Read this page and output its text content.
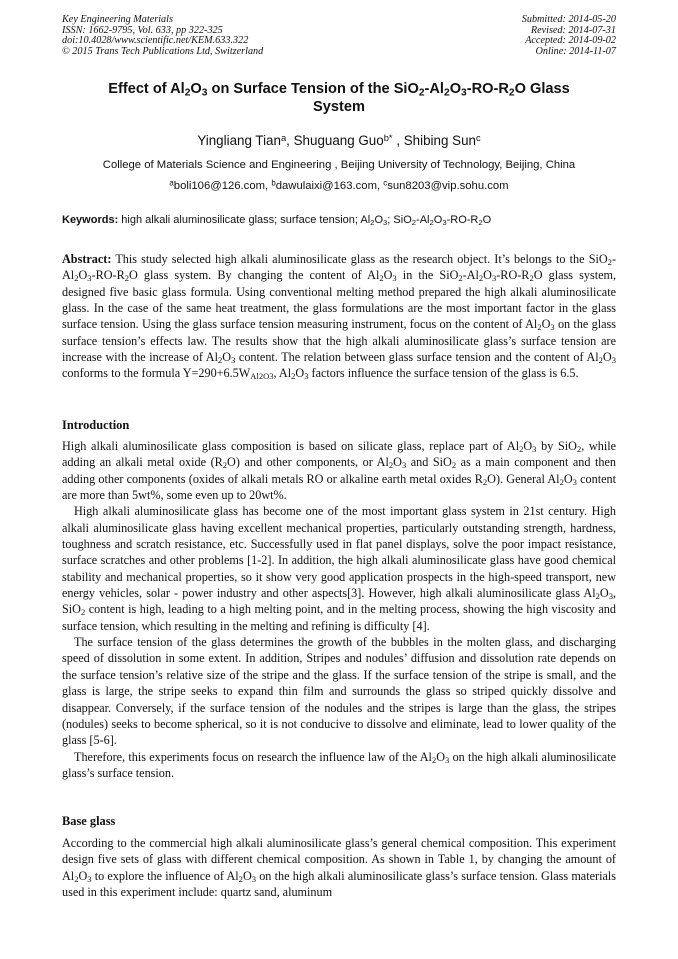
Key Engineering Materials
ISSN: 1662-9795, Vol. 633, pp 322-325
doi:10.4028/www.scientific.net/KEM.633.322
© 2015 Trans Tech Publications Ltd, Switzerland
Submitted: 2014-05-20
Revised: 2014-07-31
Accepted: 2014-09-02
Online: 2014-11-07
Effect of $Al_2O_3$ on Surface Tension of the $SiO_2-Al_2O_3-RO-R_2O$ Glass
System
Yingliang Tian$^a$, Shuguang Guo$^{b*}$ , Shibing Sun$^c$
College of Materials Science and Engineering , Beijing University of Technology, Beijing, China
$^a$boli106@126.com, $^b$dawulaixi@163.com, $^c$sun8203@vip.sohu.com
Keywords: high alkali aluminosilicate glass; surface tension; $Al_2O_3$; $SiO_2-Al_2O_3-RO-R_2O$

Abstract: This study selected high alkali aluminosilicate glass as the research object. It’s belongs to the $SiO_2-Al_2O_3-RO-R_2O$ glass system. By changing the content of $Al_2O_3$ in the $SiO_2-Al_2O_3-RO-R_2O$ glass system, designed five basic glass formula. Using conventional melting method prepared the high alkali aluminosilicate glass. In the case of the same heat treatment, the glass formulations are the most important factor in the glass surface tension. Using the glass surface tension measuring instrument, focus on the content of $Al_2O_3$ on the glass surface tension’s effects law. The results show that the high alkali aluminosilicate glass’s surface tension are increase with the increase of $Al_2O_3$ content. The relation between glass surface tension and the content of $Al_2O_3$ conforms to the formula $Y=290+6.5W_{Al2O3}$, $Al_2O_3$ factors influence the surface tension of the glass is 6.5.

Introduction

High alkali aluminosilicate glass composition is based on silicate glass, replace part of $Al_2O_3$ by SiO$_2$, while adding an alkali metal oxide $(R_2O)$ and other components, or $Al_2O_3$ and SiO$_2$ as a main component and then adding other components (oxides of alkali metals RO or alkaline earth metal oxides $R_2O$). General $Al_2O_3$ content are more than 5wt%, some even up to 20wt%.

High alkali aluminosilicate glass has become one of the most important glass system in 21st century. High alkali aluminosilicate glass having excellent mechanical properties, particularly outstanding strength, hardness, toughness and scratch resistance, etc. Successfully used in flat panel displays, solve the poor impact resistance, surface scratches and other problems [1-2]. In addition, the high alkali aluminosilicate glass have good chemical stability and mechanical properties, so it show very good application prospects in the high-speed transport, new energy vehicles, solar - power industry and other aspects[3]. However, high alkali aluminosilicate glass $Al_2O_3$, SiO$_2$ content is high, leading to a high melting point, and in the melting process, showing the high viscosity and surface tension, which resulting in the melting and refining is difficulty [4].

The surface tension of the glass determines the growth of the bubbles in the molten glass, and discharging speed of dissolution in some extent. In addition, Stripes and nodules’ diffusion and dissolution rate depends on the surface tension’s relative size of the stripe and the glass. If the surface tension of the stripe is small, and the glass is large, the stripe seeks to expand thin film and surrounds the glass so striped quickly dissolve and disappear. Conversely, if the surface tension of the nodules and the stripes is large than the glass, the stripes (nodules) seeks to become spherical, so it is not conducive to dissolve and eliminate, lead to lower quality of the glass [5-6].

Therefore, this experiments focus on research the influence law of the $Al_2O_3$ on the high alkali aluminosilicate glass’s surface tension.

Base glass

According to the commercial high alkali aluminosilicate glass’s general chemical composition. This experiment design five sets of glass with different chemical composition. As shown in Table 1, by changing the amount of $Al_2O_3$ to explore the influence of $Al_2O_3$ on the high alkali aluminosilicate glass’s surface tension. Glass materials used in this experiment include: quartz sand, aluminum
